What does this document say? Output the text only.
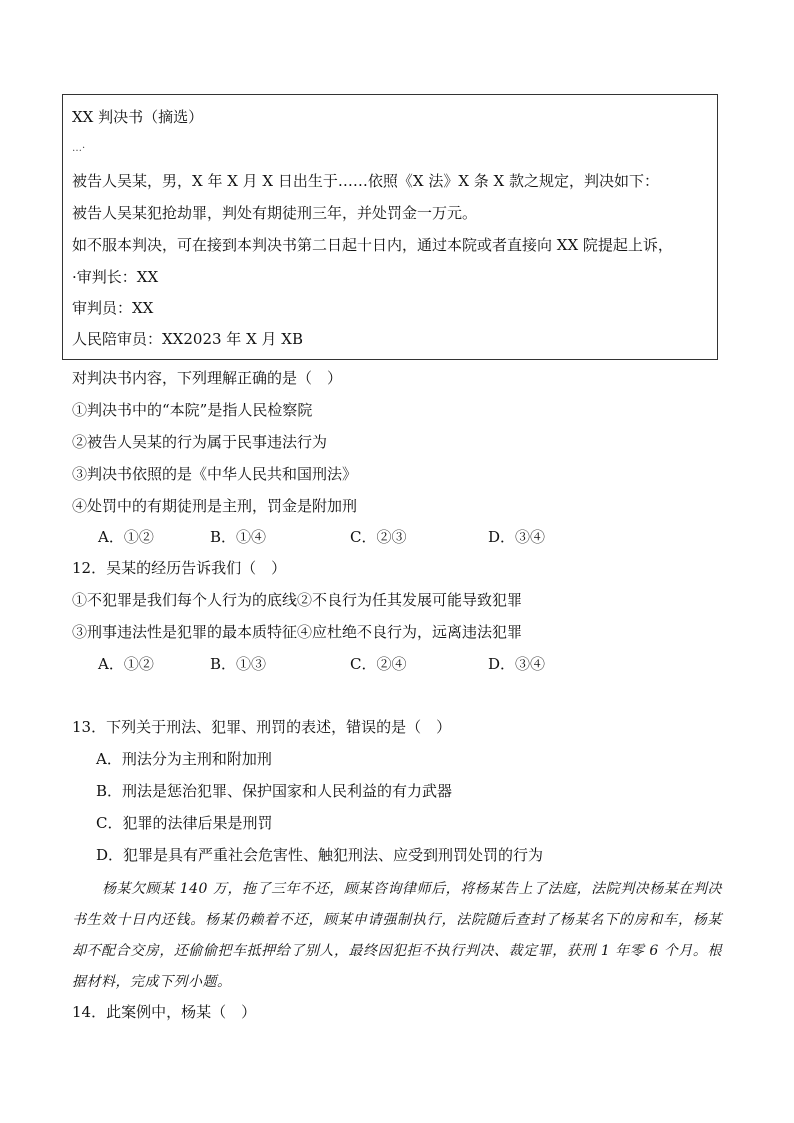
XX 判决书（摘选）
…·
被告人吴某，男，X 年 X 月 X 日出生于……依照《X 法》X 条 X 款之规定，判决如下：
被告人吴某犯抢劫罪，判处有期徒刑三年，并处罚金一万元。
如不服本判决，可在接到本判决书第二日起十日内，通过本院或者直接向 XX 院提起上诉，
·审判长：XX
审判员：XX
人民陪审员：XX2023 年 X 月 XB
对判决书内容，下列理解正确的是（　）
①判决书中的“本院”是指人民检察院
②被告人吴某的行为属于民事违法行为
③判决书依照的是《中华人民共和国刑法》
④处罚中的有期徒刑是主刑，罚金是附加刑
A．①②	B．①④	C．②③	D．③④
12．吴某的经历告诉我们（　）
①不犯罪是我们每个人行为的底线②不良行为任其发展可能导致犯罪
③刑事违法性是犯罪的最本质特征④应杜绝不良行为，远离违法犯罪
A．①②	B．①③	C．②④	D．③④
13．下列关于刑法、犯罪、刑罚的表述，错误的是（　）
A．刑法分为主刑和附加刑
B．刑法是惩治犯罪、保护国家和人民利益的有力武器
C．犯罪的法律后果是刑罚
D．犯罪是具有严重社会危害性、触犯刑法、应受到刑罚处罚的行为
杨某欠顾某 140 万，拖了三年不还，顾某咨询律师后，将杨某告上了法庭，法院判决杨某在判决书生效十日内还钱。杨某仍赖着不还，顾某申请强制执行，法院随后查封了杨某名下的房和车，杨某却不配合交房，还偷偷把车抵押给了别人，最终因犯拒不执行判决、裁定罪，获刑 1 年零 6 个月。根据材料，完成下列小题。
14．此案例中，杨某（　）
